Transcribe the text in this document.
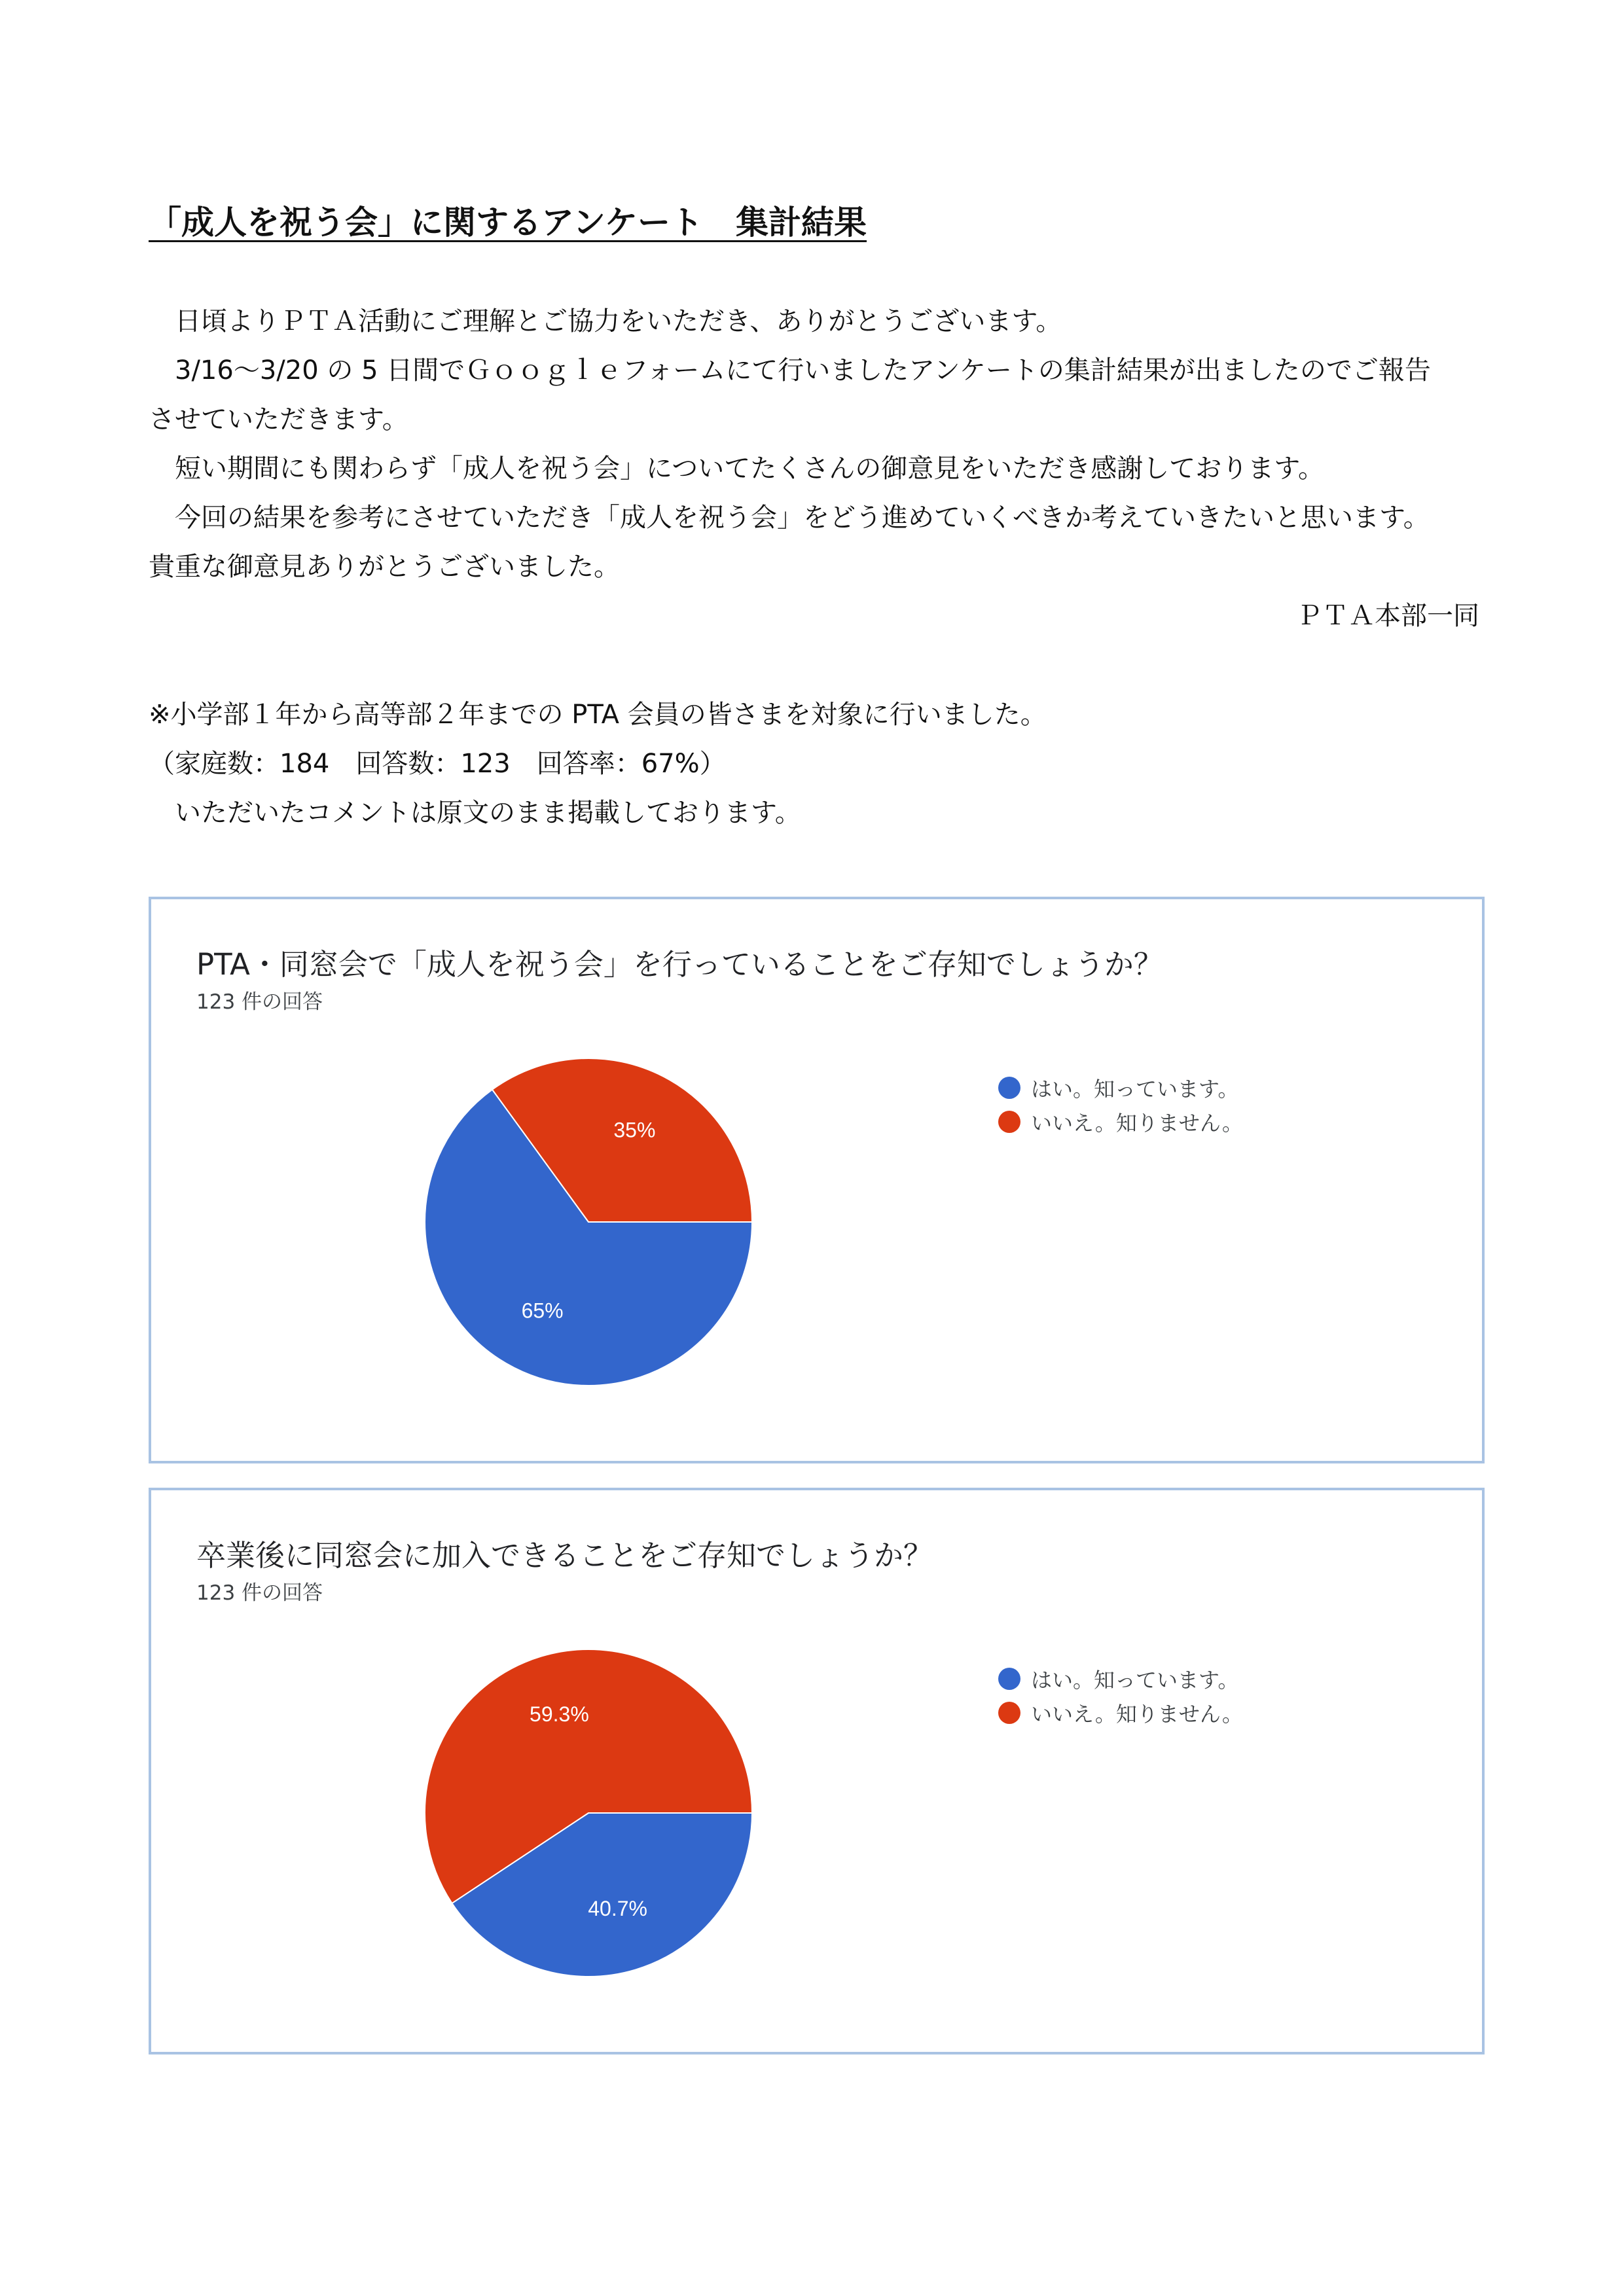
「成人を祝う会」に関するアンケート　集計結果

日頃よりＰＴＡ活動にご理解とご協力をいただき、ありがとうございます。

3/16～3/20 の 5 日間でＧｏｏｇｌｅフォームにて行いましたアンケートの集計結果が出ましたのでご報告

させていただきます。

短い期間にも関わらず「成人を祝う会」についてたくさんの御意見をいただき感謝しております。

今回の結果を参考にさせていただき「成人を祝う会」をどう進めていくべきか考えていきたいと思います。

貴重な御意見ありがとうございました。

ＰＴＡ本部一同

※小学部１年から高等部２年までの PTA 会員の皆さまを対象に行いました。

（家庭数：184　回答数：123　回答率：67%）

いただいたコメントは原文のまま掲載しております。

PTA・同窓会で「成人を祝う会」を行っていることをご存知でしょうか？
123 件の回答
65%
35%
はい。知っています。
いいえ。知りません。
卒業後に同窓会に加入できることをご存知でしょうか？
123 件の回答
40.7%
59.3%
はい。知っています。
いいえ。知りません。
